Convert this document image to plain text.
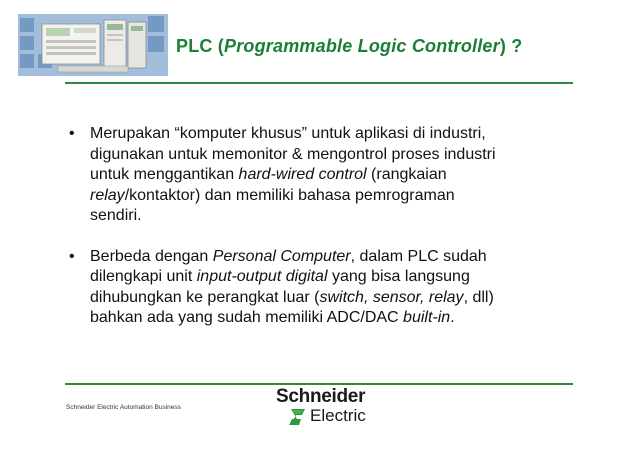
PLC (Programmable Logic Controller) ?
• Merupakan “komputer khusus” untuk aplikasi di industri,
digunakan untuk memonitor & mengontrol proses industri
untuk menggantikan hard-wired control (rangkaian
relay/kontaktor) dan memiliki bahasa pemrograman
sendiri.
• Berbeda dengan Personal Computer, dalam PLC sudah
dilengkapi unit input-output digital yang bisa langsung
dihubungkan ke perangkat luar (switch, sensor, relay, dll)
bahkan ada yang sudah memiliki ADC/DAC built-in.
Schneider Electric Automation Business
Schneider
Electric
